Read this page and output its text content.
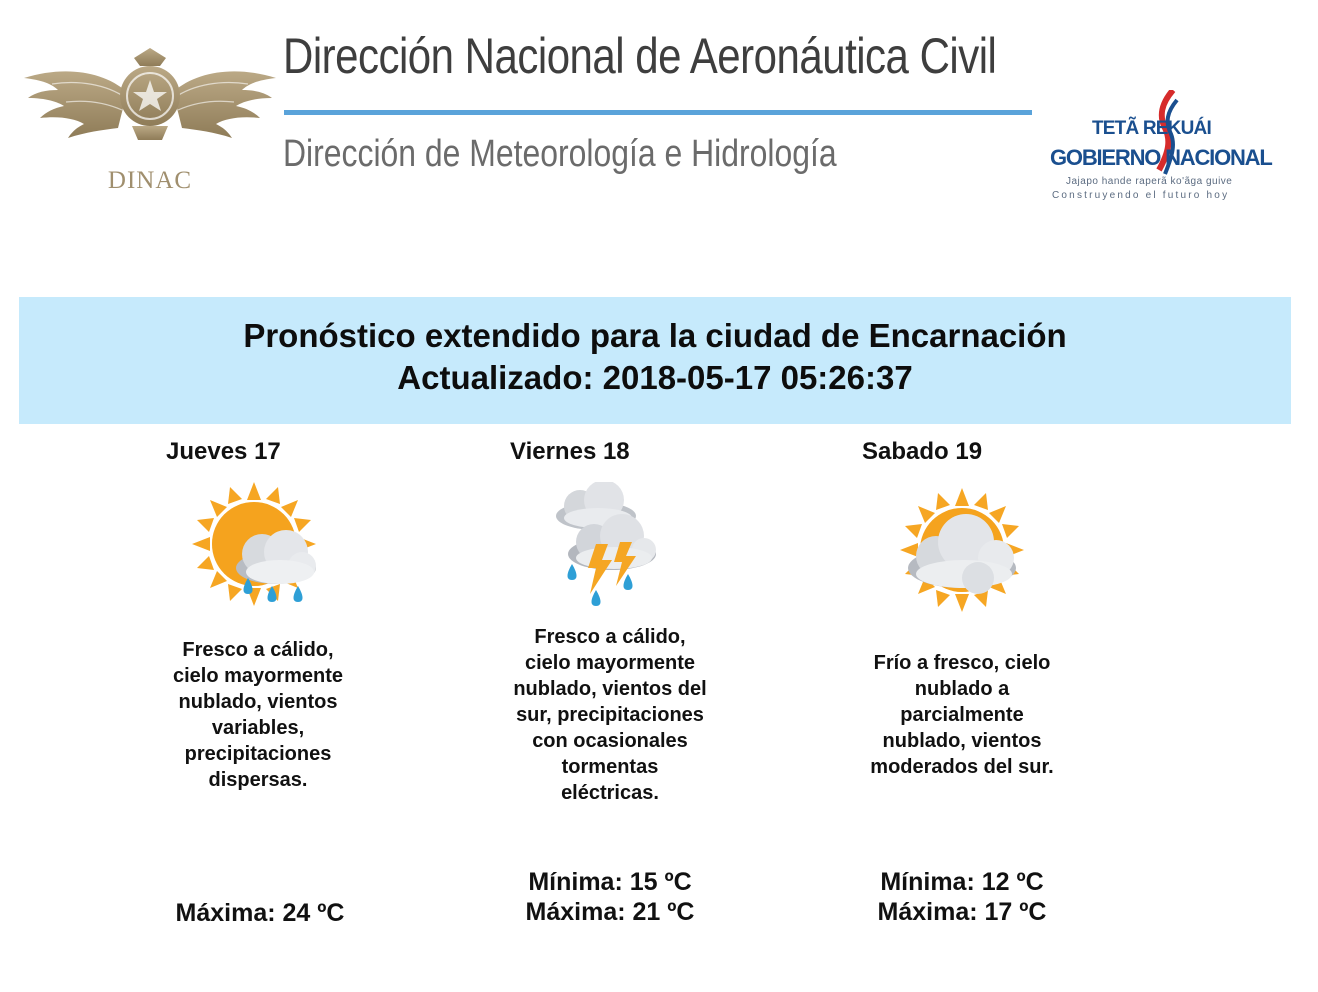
DINAC
Dirección Nacional de Aeronáutica Civil
Dirección de Meteorología e Hidrología
TETÃ REKUÁI
GOBIERNO NACIONAL
Jajapo hande raperã ko'ãga guive
Construyendo el futuro hoy
Pronóstico extendido para la ciudad de Encarnación
Actualizado: 2018-05-17 05:26:37
Jueves 17
Fresco a cálido, cielo mayormente nublado, vientos variables, precipitaciones dispersas.
Máxima: 24 ºC
Viernes 18
Fresco a cálido, cielo mayormente nublado, vientos del sur, precipitaciones con ocasionales tormentas eléctricas.
Mínima: 15 ºC
Máxima: 21 ºC
Sabado 19
Frío a fresco, cielo nublado a parcialmente nublado, vientos moderados del sur.
Mínima: 12 ºC
Máxima: 17 ºC
